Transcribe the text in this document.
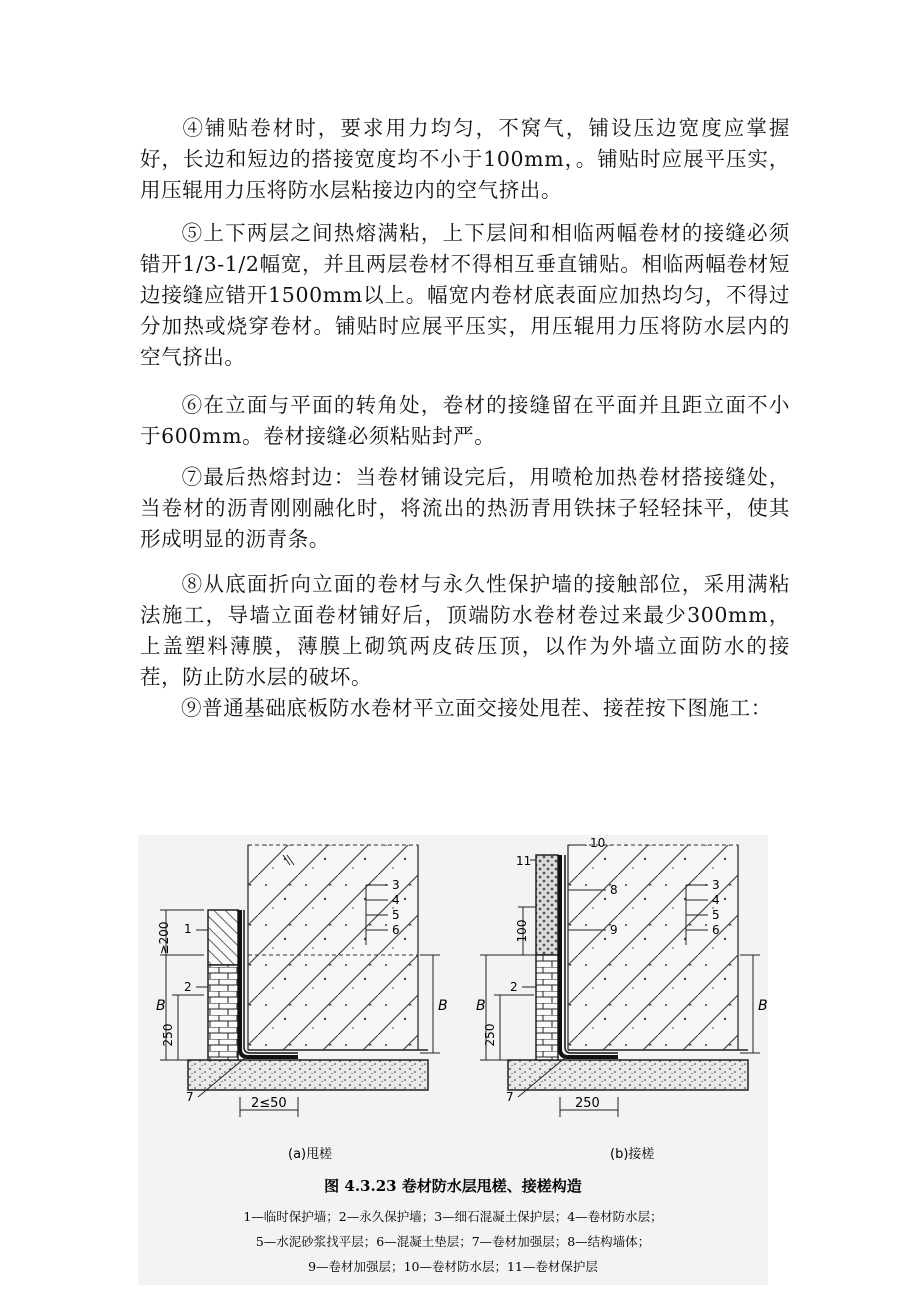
④铺贴卷材时，要求用力均匀，不窝气，铺设压边宽度应掌握好，长边和短边的搭接宽度均不小于100mm，。铺贴时应展平压实，用压辊用力压将防水层粘接边内的空气挤出。

⑤上下两层之间热熔满粘，上下层间和相临两幅卷材的接缝必须错开1/3-1/2幅宽，并且两层卷材不得相互垂直铺贴。相临两幅卷材短边接缝应错开1500mm以上。幅宽内卷材底表面应加热均匀，不得过分加热或烧穿卷材。铺贴时应展平压实，用压辊用力压将防水层内的空气挤出。

⑥在立面与平面的转角处，卷材的接缝留在平面并且距立面不小于600mm。卷材接缝必须粘贴封严。

⑦最后热熔封边：当卷材铺设完后，用喷枪加热卷材搭接缝处，当卷材的沥青刚刚融化时，将流出的热沥青用铁抹子轻轻抹平，使其形成明显的沥青条。

⑧从底面折向立面的卷材与永久性保护墙的接触部位，采用满粘法施工，导墙立面卷材铺好后，顶端防水卷材卷过来最少300mm，上盖塑料薄膜，薄膜上砌筑两皮砖压顶，以作为外墙立面防水的接茬，防止防水层的破坏。

⑨普通基础底板防水卷材平立面交接处甩茬、接茬按下图施工：

≥200
B
250
B
2≤50
1
2
7
3
4
5
6
(a)甩槎
10
11
8
9
2
7
3
4
5
6
100
B
250
B
250
(b)接槎
图 4.3.23 卷材防水层甩槎、接槎构造
1—临时保护墙；2—永久保护墙；3—细石混凝土保护层；4—卷材防水层；
5—水泥砂浆找平层；6—混凝土垫层；7—卷材加强层；8—结构墙体；
9—卷材加强层；10—卷材防水层；11—卷材保护层
